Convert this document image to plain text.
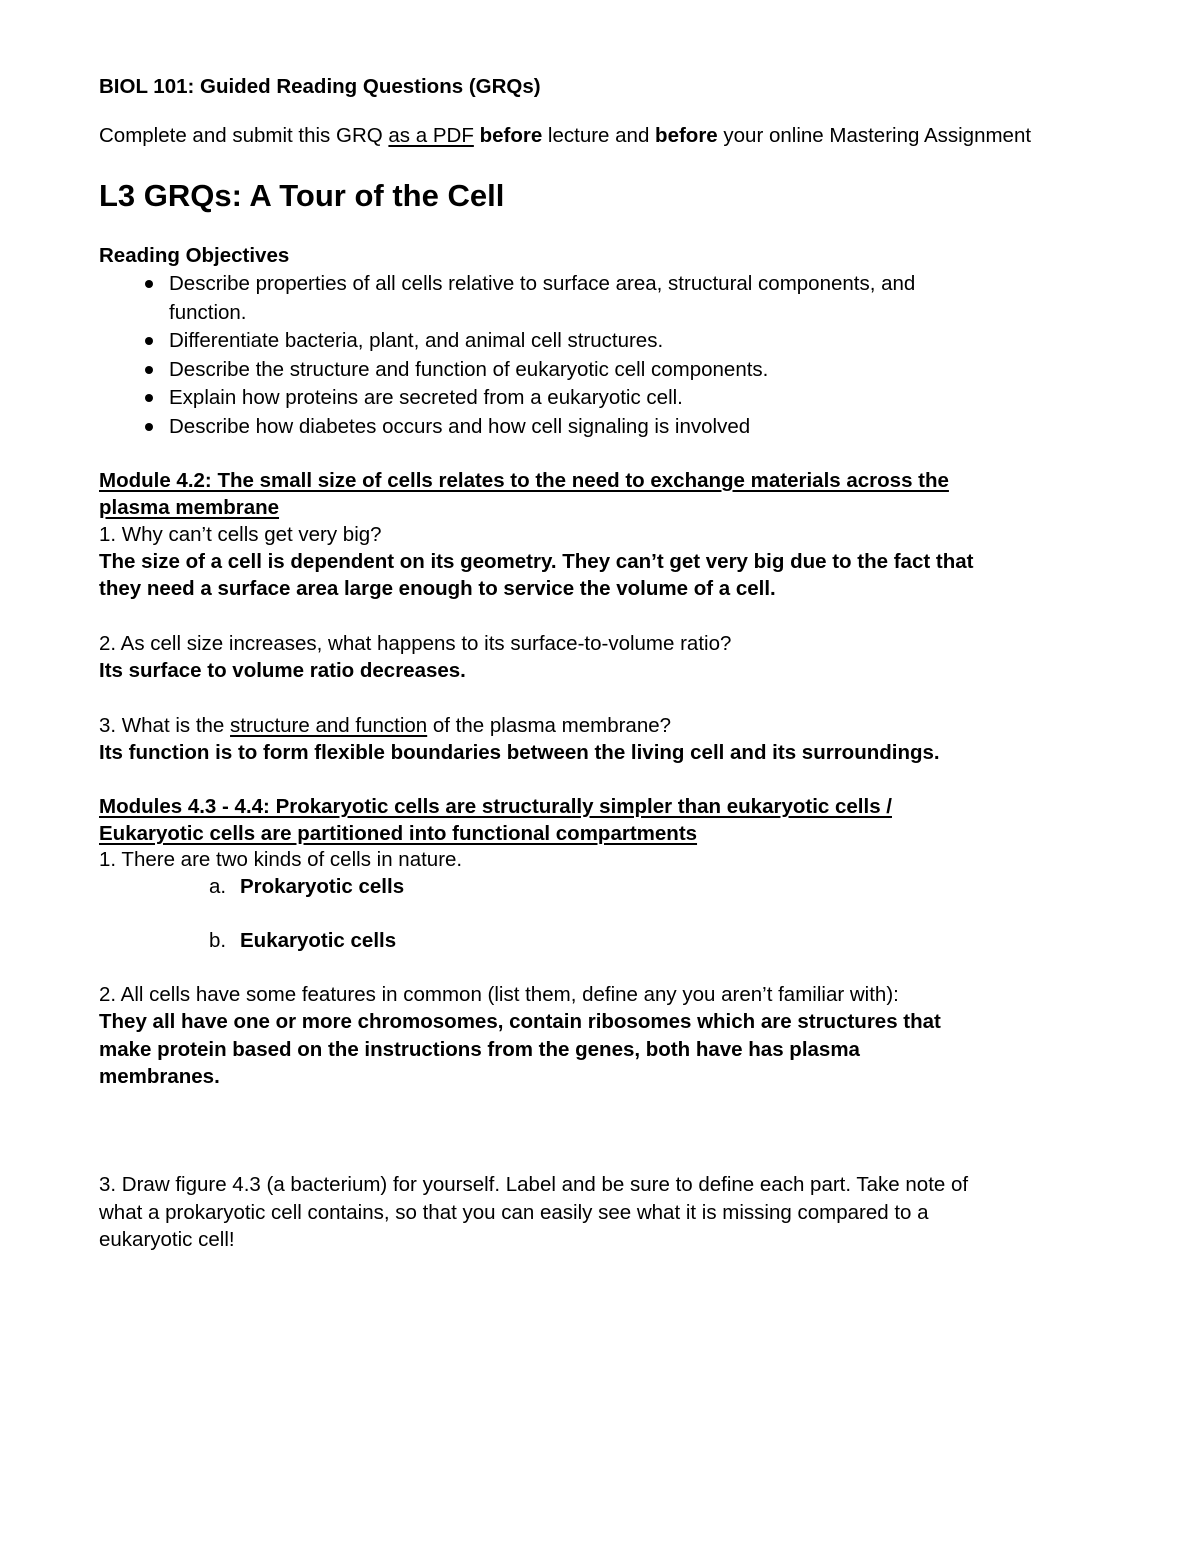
BIOL 101: Guided Reading Questions (GRQs)
Complete and submit this GRQ as a PDF before lecture and before your online Mastering Assignment
L3 GRQs: A Tour of the Cell
Reading Objectives
Describe properties of all cells relative to surface area, structural components, and
function.
Differentiate bacteria, plant, and animal cell structures.
Describe the structure and function of eukaryotic cell components.
Explain how proteins are secreted from a eukaryotic cell.
Describe how diabetes occurs and how cell signaling is involved
Module 4.2: The small size of cells relates to the need to exchange materials across the
plasma membrane
1. Why can’t cells get very big?
The size of a cell is dependent on its geometry. They can’t get very big due to the fact that
they need a surface area large enough to service the volume of a cell.
2. As cell size increases, what happens to its surface-to-volume ratio?
Its surface to volume ratio decreases.
3. What is the structure and function of the plasma membrane?
Its function is to form flexible boundaries between the living cell and its surroundings.
Modules 4.3 - 4.4: Prokaryotic cells are structurally simpler than eukaryotic cells /
Eukaryotic cells are partitioned into functional compartments
1. There are two kinds of cells in nature.
a. Prokaryotic cells
b. Eukaryotic cells
2. All cells have some features in common (list them, define any you aren’t familiar with):
They all have one or more chromosomes, contain ribosomes which are structures that
make protein based on the instructions from the genes, both have has plasma
membranes.
3. Draw figure 4.3 (a bacterium) for yourself. Label and be sure to define each part. Take note of
what a prokaryotic cell contains, so that you can easily see what it is missing compared to a
eukaryotic cell!
